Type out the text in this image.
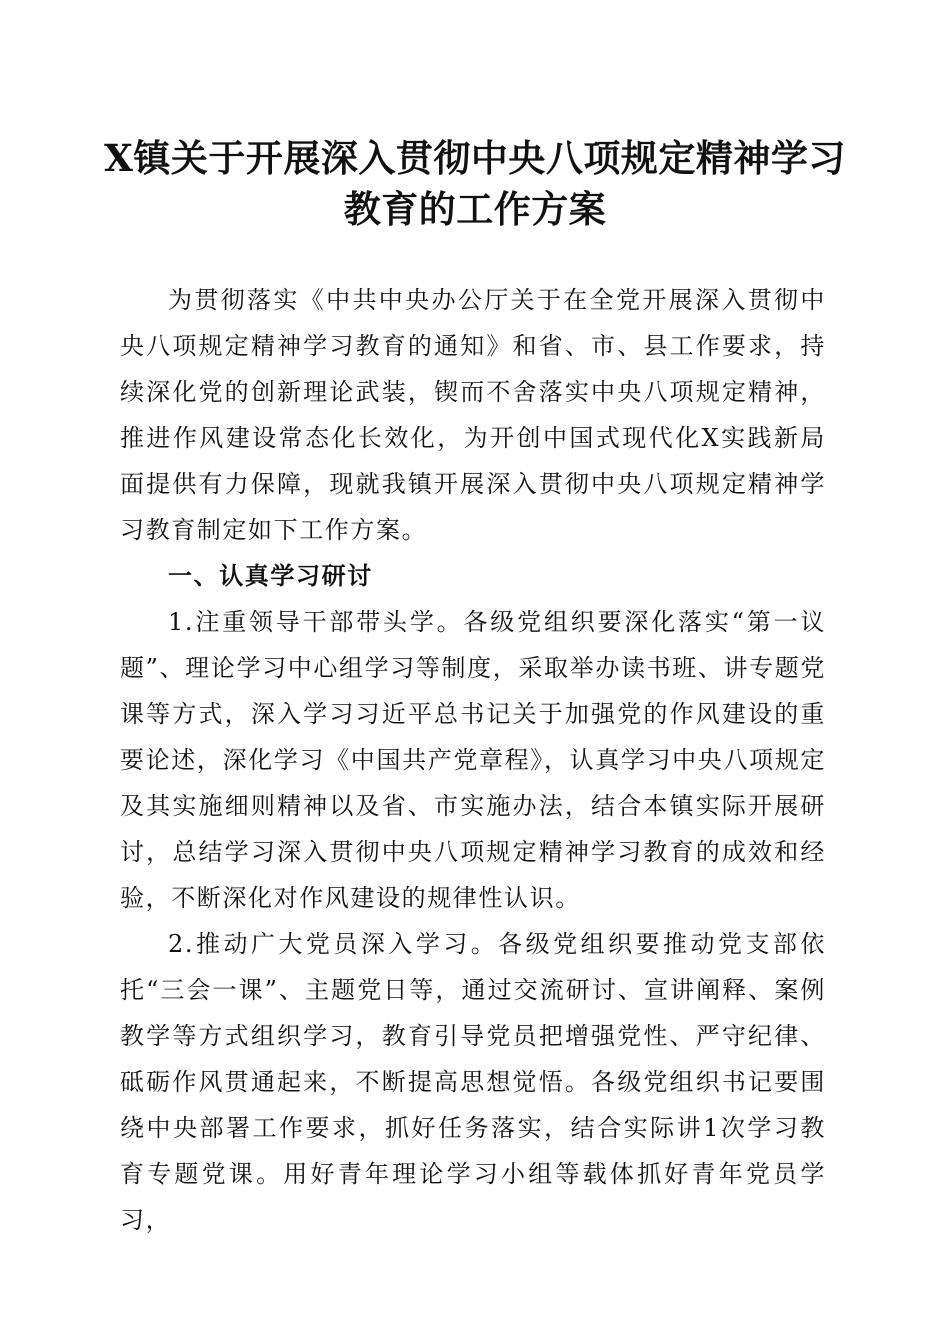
X镇关于开展深入贯彻中央八项规定精神学习
教育的工作方案

为贯彻落实《中共中央办公厅关于在全党开展深入贯彻中央八项规定精神学习教育的通知》和省、市、县工作要求，持续深化党的创新理论武装，锲而不舍落实中央八项规定精神，推进作风建设常态化长效化，为开创中国式现代化X实践新局面提供有力保障，现就我镇开展深入贯彻中央八项规定精神学习教育制定如下工作方案。

一、认真学习研讨

1.注重领导干部带头学。各级党组织要深化落实“第一议题”、理论学习中心组学习等制度，采取举办读书班、讲专题党课等方式，深入学习习近平总书记关于加强党的作风建设的重要论述，深化学习《中国共产党章程》，认真学习中央八项规定及其实施细则精神以及省、市实施办法，结合本镇实际开展研讨，总结学习深入贯彻中央八项规定精神学习教育的成效和经验，不断深化对作风建设的规律性认识。

2.推动广大党员深入学习。各级党组织要推动党支部依托“三会一课”、主题党日等，通过交流研讨、宣讲阐释、案例教学等方式组织学习，教育引导党员把增强党性、严守纪律、砥砺作风贯通起来，不断提高思想觉悟。各级党组织书记要围绕中央部署工作要求，抓好任务落实，结合实际讲1次学习教育专题党课。用好青年理论学习小组等载体抓好青年党员学习，
